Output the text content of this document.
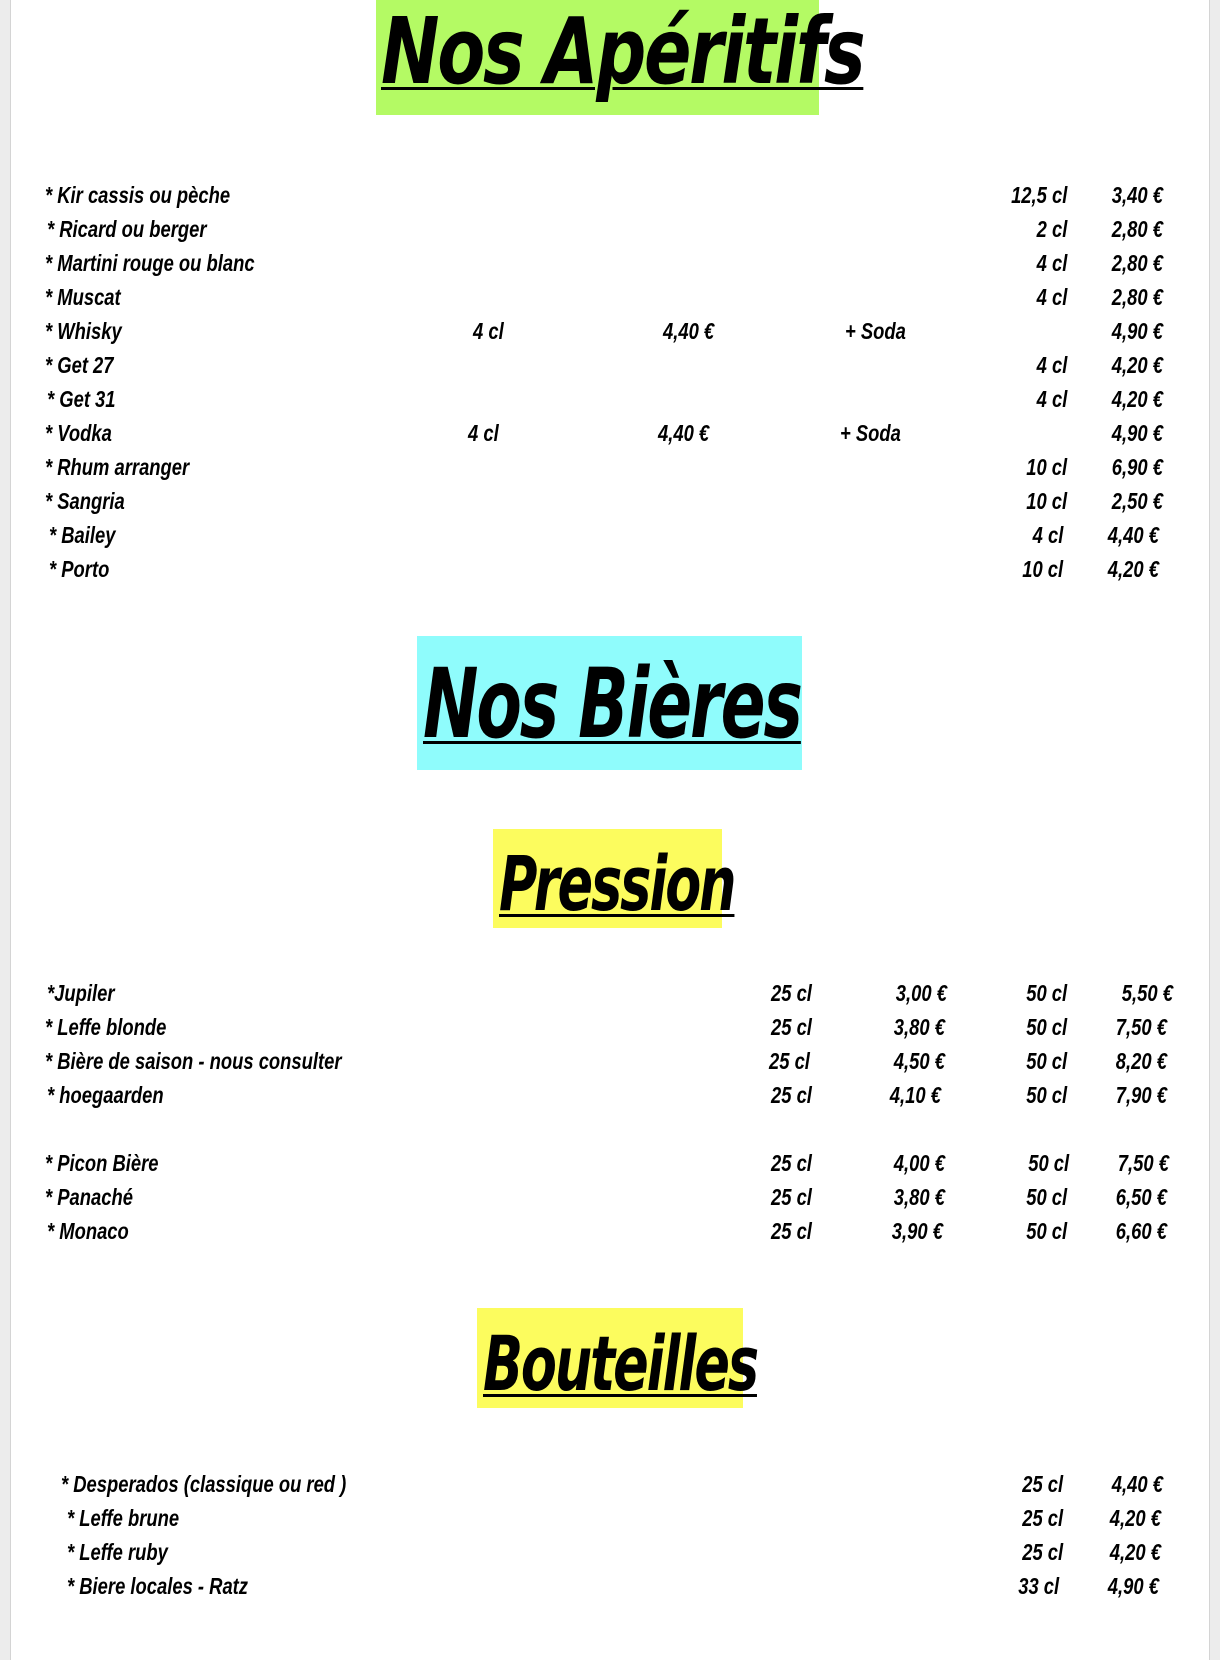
Nos Apéritifs
* Kir cassis ou pèche	12,5 cl 3,40 €
* Ricard ou berger	2 cl 2,80 €
* Martini rouge ou blanc	4 cl 2,80 €
* Muscat	4 cl 2,80 €
* Whisky	4 cl	4,40 €	+ Soda	4,90 €
* Get 27	4 cl 4,20 €
* Get 31	4 cl 4,20 €
* Vodka	4 cl	4,40 €	+ Soda	4,90 €
* Rhum arranger	10 cl 6,90 €
* Sangria	10 cl 2,50 €
* Bailey	4 cl 4,40 €
* Porto	10 cl 4,20 €
Nos Bières
Pression
*Jupiler	25 cl	3,00 €	50 cl 5,50 €
* Leffe blonde	25 cl	3,80 €	50 cl 7,50 €
* Bière de saison - nous consulter	25 cl	4,50 €	50 cl 8,20 €
* hoegaarden	25 cl	4,10 €	50 cl 7,90 €
* Picon Bière	25 cl	4,00 €	50 cl 7,50 €
* Panaché	25 cl	3,80 €	50 cl 6,50 €
* Monaco	25 cl	3,90 €	50 cl 6,60 €
Bouteilles
* Desperados (classique ou red )	25 cl 4,40 €
* Leffe brune	25 cl 4,20 €
* Leffe ruby	25 cl 4,20 €
* Biere locales - Ratz	33 cl 4,90 €
